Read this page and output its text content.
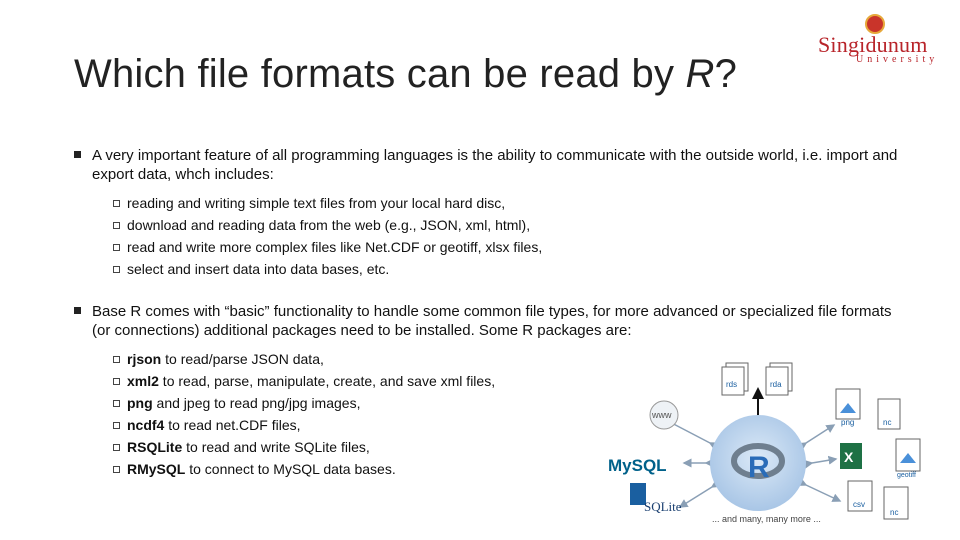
Which file formats can be read by R?
Singidunum
University
A very important feature of all programming languages is the ability to communicate with the outside world, i.e. import and export data, whch includes:
reading and writing simple text files from your local hard disc,
download and reading data from the web (e.g., JSON, xml, html),
read and write more complex files like Net.CDF or geotiff, xlsx files,
select and insert data into data bases, etc.
Base R comes with “basic” functionality to handle some common file types, for more advanced or specialized file formats (or connections) additional packages need to be installed. Some R packages are:
rjson to read/parse JSON data,
xml2 to read, parse, manipulate, create, and save xml files,
png and jpeg to read png/jpg images,
ncdf4 to read net.CDF files,
RSQLite to read and write SQLite files,
RMySQL to connect to MySQL data bases.	R
rds	rda
png	nc
X
geotiff
csv
nc
www
MySQL
SQLite
... and many, many more ...
